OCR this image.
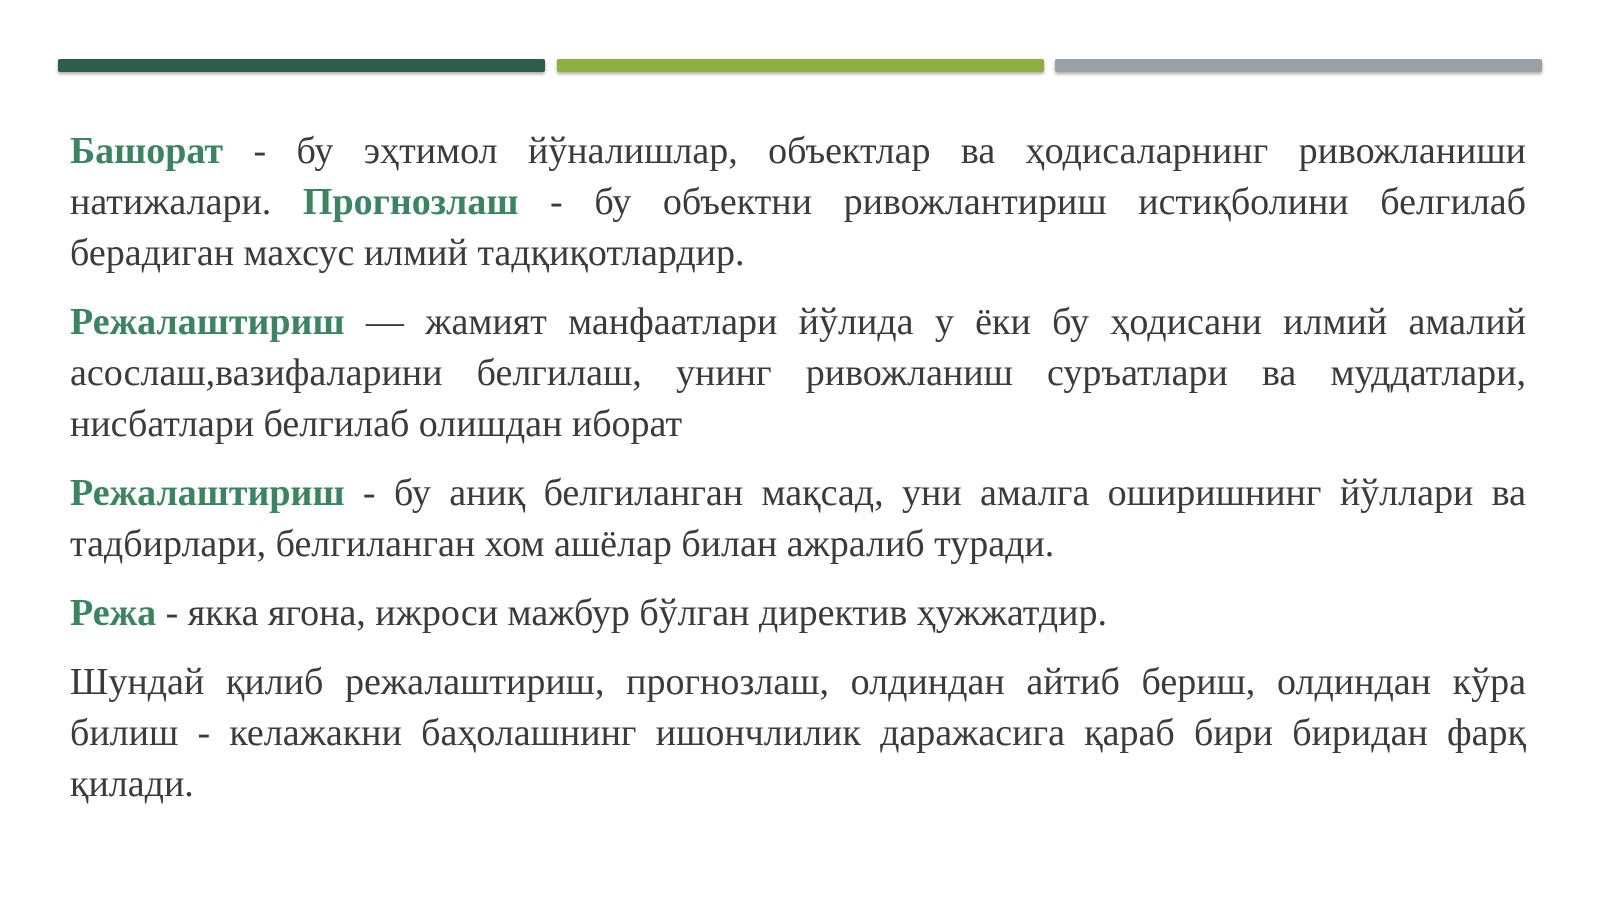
Башорат - бу эҳтимол йўналишлар, объектлар ва ҳодисаларнинг ривожланиши натижалари. Прогнозлаш - бу объектни ривожлантириш истиқболини белгилаб берадиган махсус илмий тадқиқотлардир.

Режалаштириш — жамият манфаатлари йўлида у ёки бу ҳодисани илмий амалий асослаш,вазифаларини белгилаш, унинг ривожланиш суръатлари ва муддатлари, нисбатлари белгилаб олишдан иборат

Режалаштириш - бу аниқ белгиланган мақсад, уни амалга оширишнинг йўллари ва тадбирлари, белгиланган хом ашёлар билан ажралиб туради.

Режа - якка ягона, ижроси мажбур бўлган директив ҳужжатдир.

Шундай қилиб режалаштириш, прогнозлаш, олдиндан айтиб бериш, олдиндан кўра билиш - келажакни баҳолашнинг ишончлилик даражасига қараб бири биридан фарқ қилади.
